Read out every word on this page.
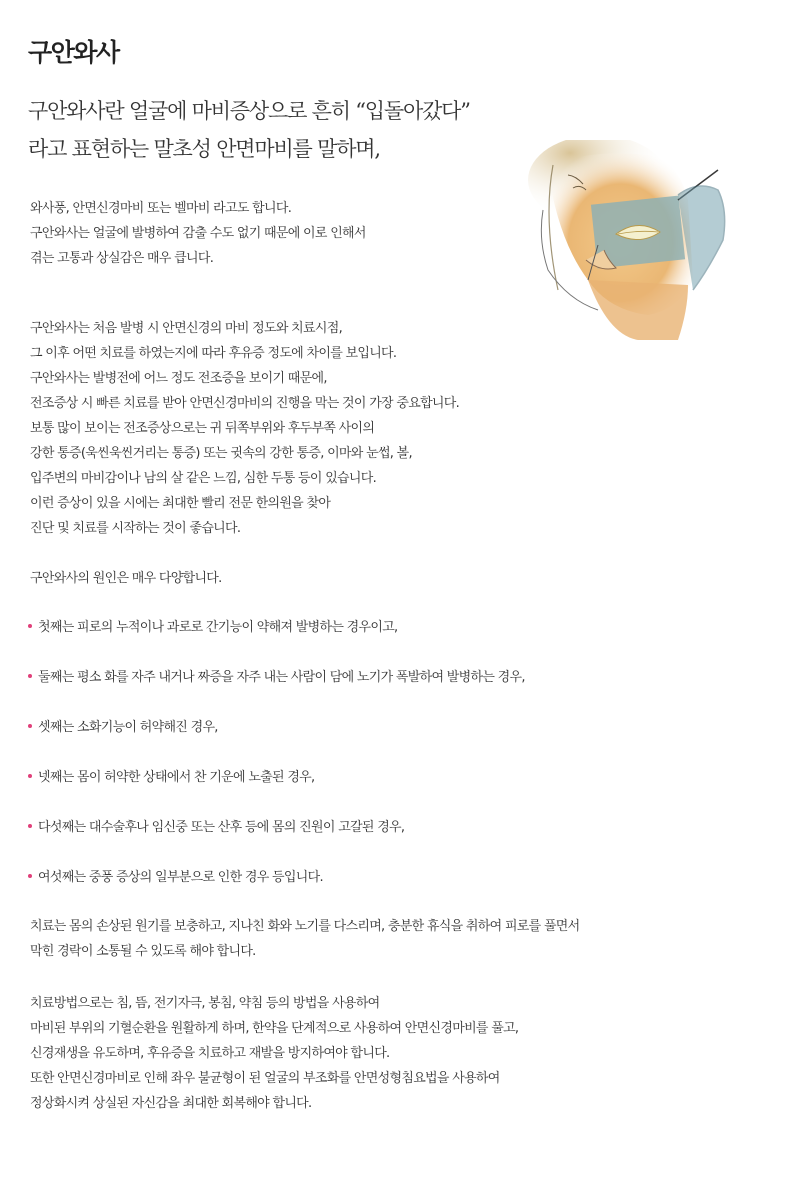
구안와사

구안와사란 얼굴에 마비증상으로 흔히 “입돌아갔다”
라고 표현하는 말초성 안면마비를 말하며,

와사풍, 안면신경마비 또는 벨마비 라고도 합니다.
구안와사는 얼굴에 발병하여 감출 수도 없기 때문에 이로 인해서
겪는 고통과 상실감은 매우 큽니다.

구안와사는 처음 발병 시 안면신경의 마비 정도와 치료시점,
그 이후 어떤 치료를 하였는지에 따라 후유증 정도에 차이를 보입니다.
구안와사는 발병전에 어느 정도 전조증을 보이기 때문에,
전조증상 시 빠른 치료를 받아 안면신경마비의 진행을 막는 것이 가장 중요합니다.
보통 많이 보이는 전조증상으로는 귀 뒤쪽부위와 후두부쪽 사이의
강한 통증(욱씬욱씬거리는 통증) 또는 귓속의 강한 통증, 이마와 눈썹, 볼,
입주변의 마비감이나 남의 살 같은 느낌, 심한 두통 등이 있습니다.
이런 증상이 있을 시에는 최대한 빨리 전문 한의원을 찾아
진단 및 치료를 시작하는 것이 좋습니다.

구안와사의 원인은 매우 다양합니다.

첫째는 피로의 누적이나 과로로 간기능이 약해져 발병하는 경우이고,
둘째는 평소 화를 자주 내거나 짜증을 자주 내는 사람이 담에 노기가 폭발하여 발병하는 경우,
셋째는 소화기능이 허약해진 경우,
넷째는 몸이 허약한 상태에서 찬 기운에 노출된 경우,
다섯째는 대수술후나 임신중 또는 산후 등에 몸의 진원이 고갈된 경우,
여섯째는 중풍 증상의 일부분으로 인한 경우 등입니다.

치료는 몸의 손상된 원기를 보충하고, 지나친 화와 노기를 다스리며, 충분한 휴식을 취하여 피로를 풀면서
막힌 경락이 소통될 수 있도록 해야 합니다.

치료방법으로는 침, 뜸, 전기자극, 봉침, 약침 등의 방법을 사용하여
마비된 부위의 기혈순환을 원활하게 하며, 한약을 단계적으로 사용하여 안면신경마비를 풀고,
신경재생을 유도하며, 후유증을 치료하고 재발을 방지하여야 합니다.
또한 안면신경마비로 인해 좌우 불균형이 된 얼굴의 부조화를 안면성형침요법을 사용하여
정상화시켜 상실된 자신감을 최대한 회복해야 합니다.
